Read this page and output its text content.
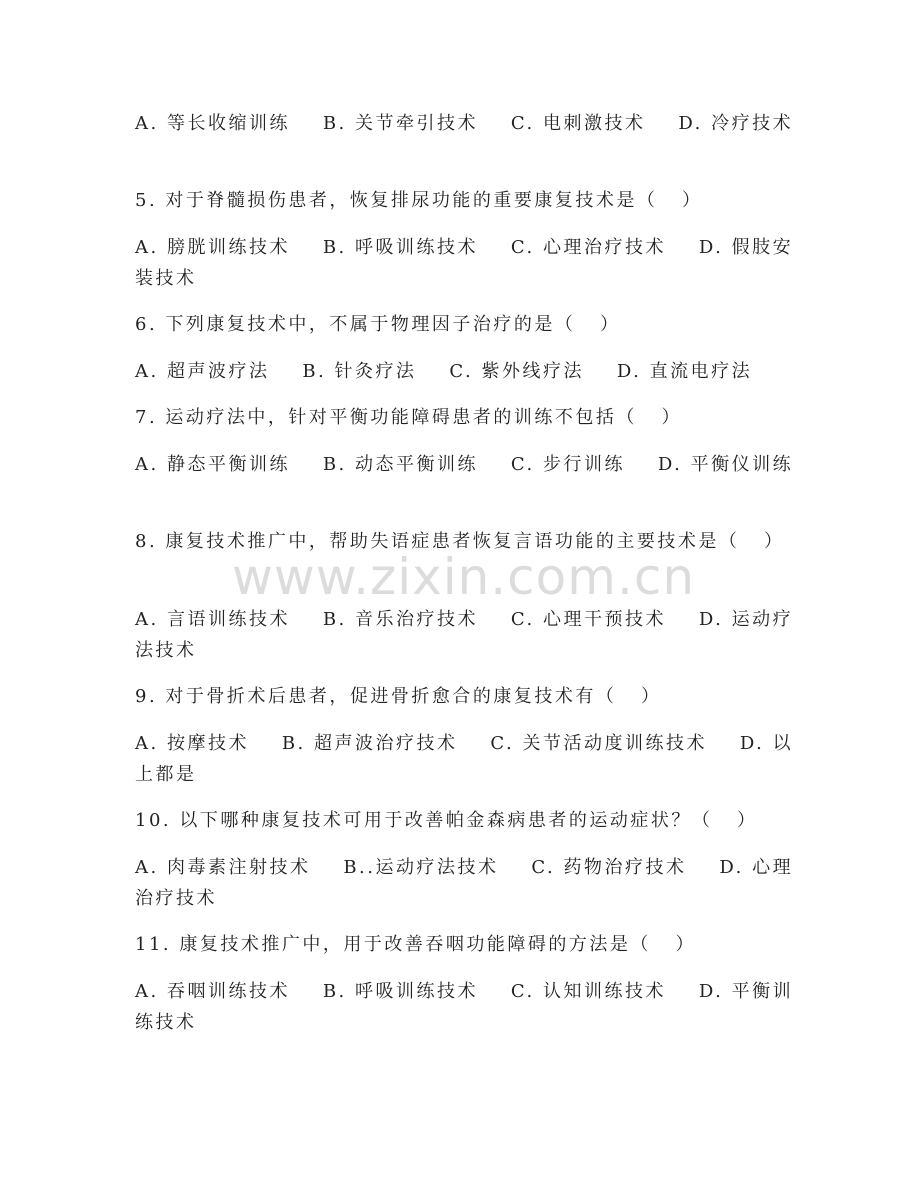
A. 等长收缩训练    B. 关节牵引技术    C. 电刺激技术    D. 冷疗技术
5. 对于脊髓损伤患者，恢复排尿功能的重要康复技术是（   ）
A. 膀胱训练技术    B. 呼吸训练技术    C. 心理治疗技术    D. 假肢安装技术
6. 下列康复技术中，不属于物理因子治疗的是（   ）
A. 超声波疗法    B. 针灸疗法    C. 紫外线疗法    D. 直流电疗法
7. 运动疗法中，针对平衡功能障碍患者的训练不包括（   ）
A. 静态平衡训练    B. 动态平衡训练    C. 步行训练    D. 平衡仪训练
8. 康复技术推广中，帮助失语症患者恢复言语功能的主要技术是（   ）
A. 言语训练技术    B. 音乐治疗技术    C. 心理干预技术    D. 运动疗法技术
9. 对于骨折术后患者，促进骨折愈合的康复技术有（   ）
A. 按摩技术    B. 超声波治疗技术    C. 关节活动度训练技术    D. 以上都是
10. 以下哪种康复技术可用于改善帕金森病患者的运动症状？（   ）
A. 肉毒素注射技术    B..运动疗法技术    C. 药物治疗技术    D. 心理治疗技术
11. 康复技术推广中，用于改善吞咽功能障碍的方法是（   ）
A. 吞咽训练技术    B. 呼吸训练技术    C. 认知训练技术    D. 平衡训练技术
www.zixin.com.cn
